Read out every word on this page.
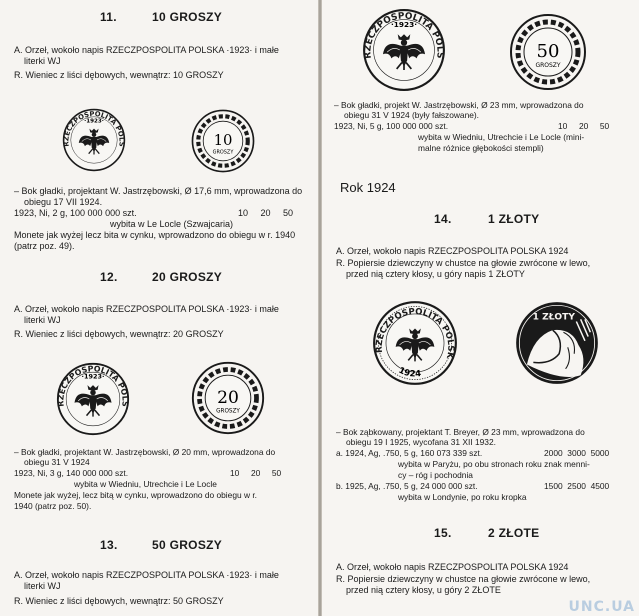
11.	10 GROSZY
A. Orzeł, wokoło napis RZECZPOSPOLITA POLSKA ·1923· i małe
literki WJ
R. Wieniec z liści dębowych, wewnątrz: 10 GROSZY
RZECZPOSPOLITA POLS
·1923·
10
GROSZY
– Bok gładki, projektant W. Jastrzębowski, Ø 17,6 mm, wprowadzona do
obiegu 17 VII 1924.
1923, Ni, 2 g, 100 000 000 szt.	10     20     50
wybita w Le Locle (Szwajcaria)
Monete jak wyżej lecz bita w cynku, wprowadzono do obiegu w r. 1940
(patrz poz. 49).
12.	20 GROSZY
A. Orzeł, wokoło napis RZECZPOSPOLITA POLSKA ·1923· i małe
literki WJ
R. Wieniec z liści dębowych, wewnątrz: 20 GROSZY
RZECZPOSPOLITA POLS
·1923·
20
GROSZY
– Bok gładki, projektant W. Jastrzębowski, Ø 20 mm, wprowadzona do
obiegu 31 V 1924
1923, Ni, 3 g, 140 000 000 szt.	10     20     50
wybita w Wiedniu, Utrechcie i Le Locle
Monete jak wyżej, lecz bitą w cynku, wprowadzono do obiegu w r.
1940 (patrz poz. 50).
13.	50 GROSZY
A. Orzeł, wokoło napis RZECZPOSPOLITA POLSKA ·1923· i małe
literki WJ
R. Wieniec z liści dębowych, wewnątrz: 50 GROSZY
RZECZPOSPOLITA POLS
·1923·
50
GROSZY
– Bok gładki, projekt W. Jastrzębowski, Ø 23 mm, wprowadzona do
obiegu 31 V 1924 (były fałszowane).
1923, Ni, 5 g, 100 000 000 szt.	10     20     50
wybita w Wiedniu, Utrechcie i Le Locle (mini-
malne różnice głębokości stempli)
Rok 1924
14.	1 ZŁOTY
A. Orzeł, wokoło napis RZECZPOSPOLITA POLSKA 1924
R. Popiersie dziewczyny w chustce na głowie zwrócone w lewo,
przed nią cztery kłosy, u góry napis 1 ZŁOTY
RZECZPOSPOLITA POLSK
1924
1 ZŁOTY
– Bok ząbkowany, projektant T. Breyer, Ø 23 mm, wprowadzona do
obiegu 19 I 1925, wycofana 31 XII 1932.
a. 1924, Ag, .750, 5 g, 160 073 339 szt.	2000  3000  5000
wybita w Paryżu, po obu stronach roku znak menni-
cy – róg i pochodnia
b. 1925, Ag, .750, 5 g, 24 000 000 szt.	1500  2500  4500
wybita w Londynie, po roku kropka
15.	2 ZŁOTE
A. Orzeł, wokoło napis RZECZPOSPOLITA POLSKA 1924
R. Popiersie dziewczyny w chustce na głowie zwrócone w lewo,
przed nią cztery kłosy, u góry 2 ZŁOTE
UNC.UA
